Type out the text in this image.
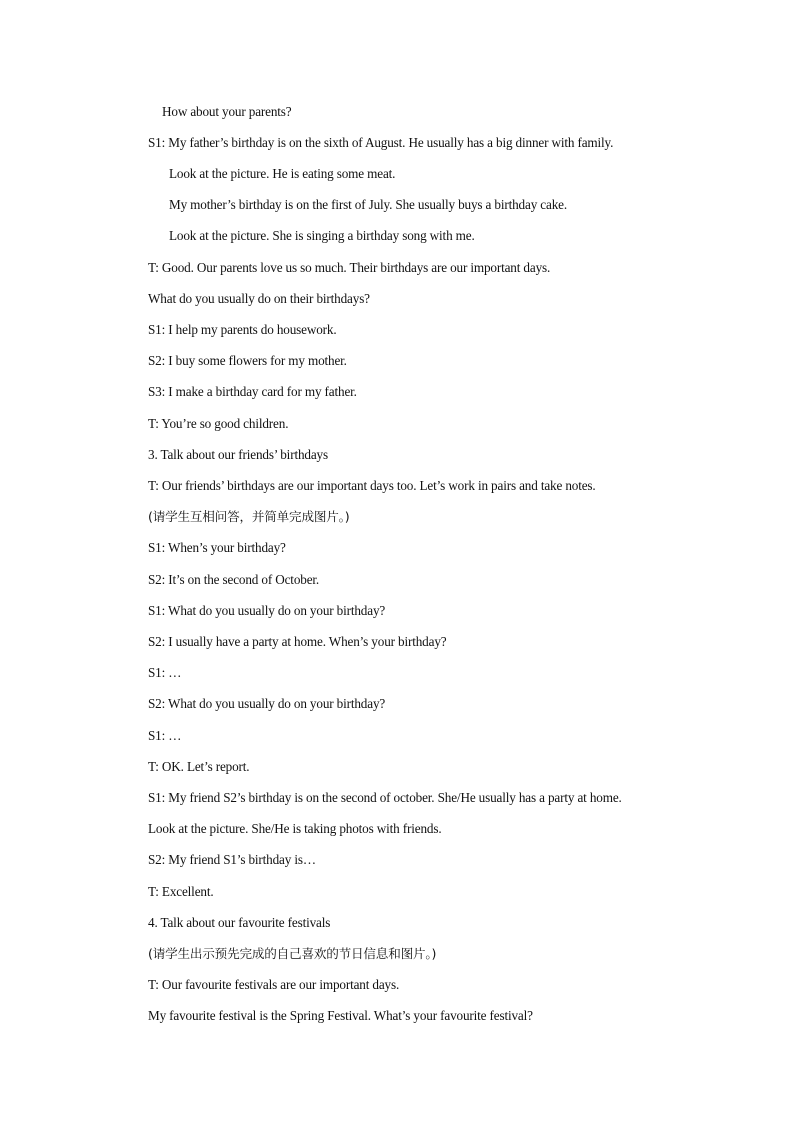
How about your parents?
S1: My father’s birthday is on the sixth of August. He usually has a big dinner with family.
Look at the picture. He is eating some meat.
My mother’s birthday is on the first of July. She usually buys a birthday cake.
Look at the picture. She is singing a birthday song with me.
T: Good. Our parents love us so much. Their birthdays are our important days.
What do you usually do on their birthdays?
S1: I help my parents do housework.
S2: I buy some flowers for my mother.
S3: I make a birthday card for my father.
T: You’re so good children.
3. Talk about our friends’ birthdays
T: Our friends’ birthdays are our important days too. Let’s work in pairs and take notes.
(请学生互相问答，并简单完成图片。)
S1: When’s your birthday?
S2: It’s on the second of October.
S1: What do you usually do on your birthday?
S2: I usually have a party at home. When’s your birthday?
S1: …
S2: What do you usually do on your birthday?
S1: …
T: OK. Let’s report.
S1: My friend S2’s birthday is on the second of october. She/He usually has a party at home.
Look at the picture. She/He is taking photos with friends.
S2: My friend S1’s birthday is…
T: Excellent.
4. Talk about our favourite festivals
(请学生出示预先完成的自己喜欢的节日信息和图片。)
T: Our favourite festivals are our important days.
My favourite festival is the Spring Festival. What’s your favourite festival?
